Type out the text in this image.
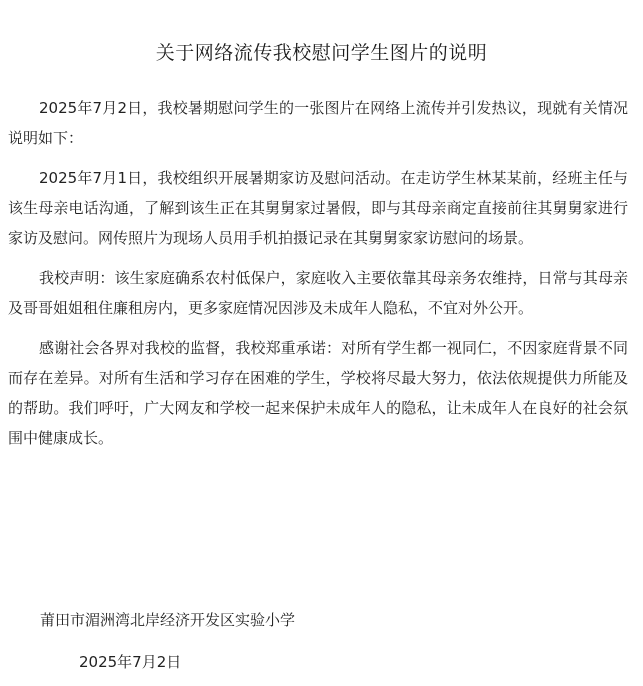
关于网络流传我校慰问学生图片的说明

2025年7月2日，我校暑期慰问学生的一张图片在网络上流传并引发热议，现就有关情况说明如下：

2025年7月1日，我校组织开展暑期家访及慰问活动。在走访学生林某某前，经班主任与该生母亲电话沟通，了解到该生正在其舅舅家过暑假，即与其母亲商定直接前往其舅舅家进行家访及慰问。网传照片为现场人员用手机拍摄记录在其舅舅家家访慰问的场景。

我校声明：该生家庭确系农村低保户，家庭收入主要依靠其母亲务农维持，日常与其母亲及哥哥姐姐租住廉租房内，更多家庭情况因涉及未成年人隐私，不宜对外公开。

感谢社会各界对我校的监督，我校郑重承诺：对所有学生都一视同仁，不因家庭背景不同而存在差异。对所有生活和学习存在困难的学生，学校将尽最大努力，依法依规提供力所能及的帮助。我们呼吁，广大网友和学校一起来保护未成年人的隐私，让未成年人在良好的社会氛围中健康成长。

莆田市湄洲湾北岸经济开发区实验小学

2025年7月2日
